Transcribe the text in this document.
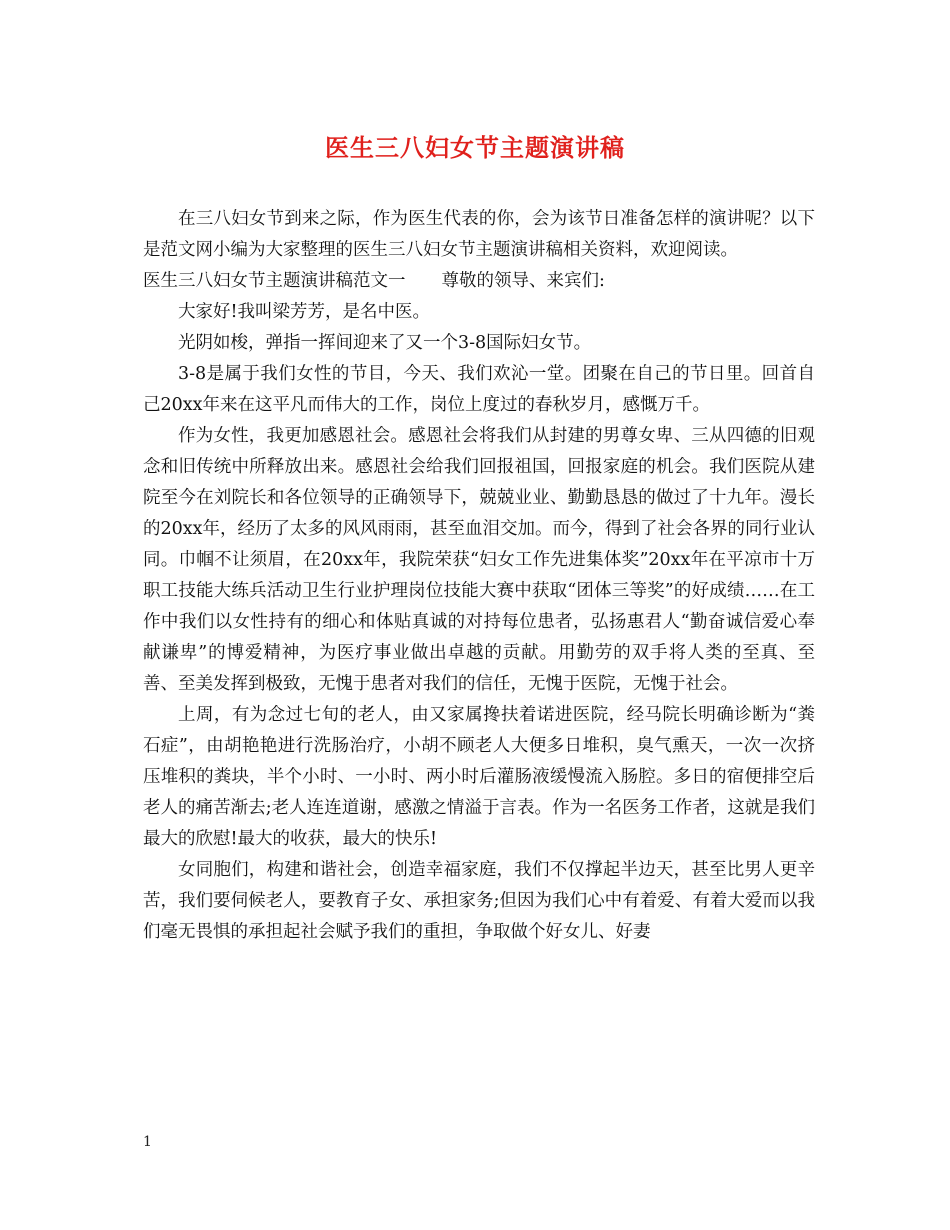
医生三八妇女节主题演讲稿

在三八妇女节到来之际，作为医生代表的你，会为该节日准备怎样的演讲呢？以下是范文网小编为大家整理的医生三八妇女节主题演讲稿相关资料，欢迎阅读。

医生三八妇女节主题演讲稿范文一 尊敬的领导、来宾们:

大家好!我叫梁芳芳，是名中医。

光阴如梭，弹指一挥间迎来了又一个3-8国际妇女节。

3-8是属于我们女性的节目，今天、我们欢沁一堂。团聚在自己的节日里。回首自己20xx年来在这平凡而伟大的工作，岗位上度过的春秋岁月，感慨万千。

作为女性，我更加感恩社会。感恩社会将我们从封建的男尊女卑、三从四德的旧观念和旧传统中所释放出来。感恩社会给我们回报祖国，回报家庭的机会。我们医院从建院至今在刘院长和各位领导的正确领导下，兢兢业业、勤勤恳恳的做过了十九年。漫长的20xx年，经历了太多的风风雨雨，甚至血泪交加。而今，得到了社会各界的同行业认同。巾帼不让须眉，在20xx年，我院荣获“妇女工作先进集体奖”20xx年在平凉市十万职工技能大练兵活动卫生行业护理岗位技能大赛中获取“团体三等奖”的好成绩……在工作中我们以女性持有的细心和体贴真诚的对持每位患者，弘扬惠君人“勤奋诚信爱心奉献谦卑”的博爱精神，为医疗事业做出卓越的贡献。用勤劳的双手将人类的至真、至善、至美发挥到极致，无愧于患者对我们的信任，无愧于医院，无愧于社会。

上周，有为念过七旬的老人，由又家属搀扶着诺进医院，经马院长明确诊断为“粪石症”，由胡艳艳进行洗肠治疗，小胡不顾老人大便多日堆积，臭气熏天，一次一次挤压堆积的粪块，半个小时、一小时、两小时后灌肠液缓慢流入肠腔。多日的宿便排空后老人的痛苦渐去;老人连连道谢，感激之情溢于言表。作为一名医务工作者，这就是我们最大的欣慰!最大的收获，最大的快乐!

女同胞们，构建和谐社会，创造幸福家庭，我们不仅撑起半边天，甚至比男人更辛苦，我们要伺候老人，要教育子女、承担家务;但因为我们心中有着爱、有着大爱而以我们毫无畏惧的承担起社会赋予我们的重担，争取做个好女儿、好妻

1
